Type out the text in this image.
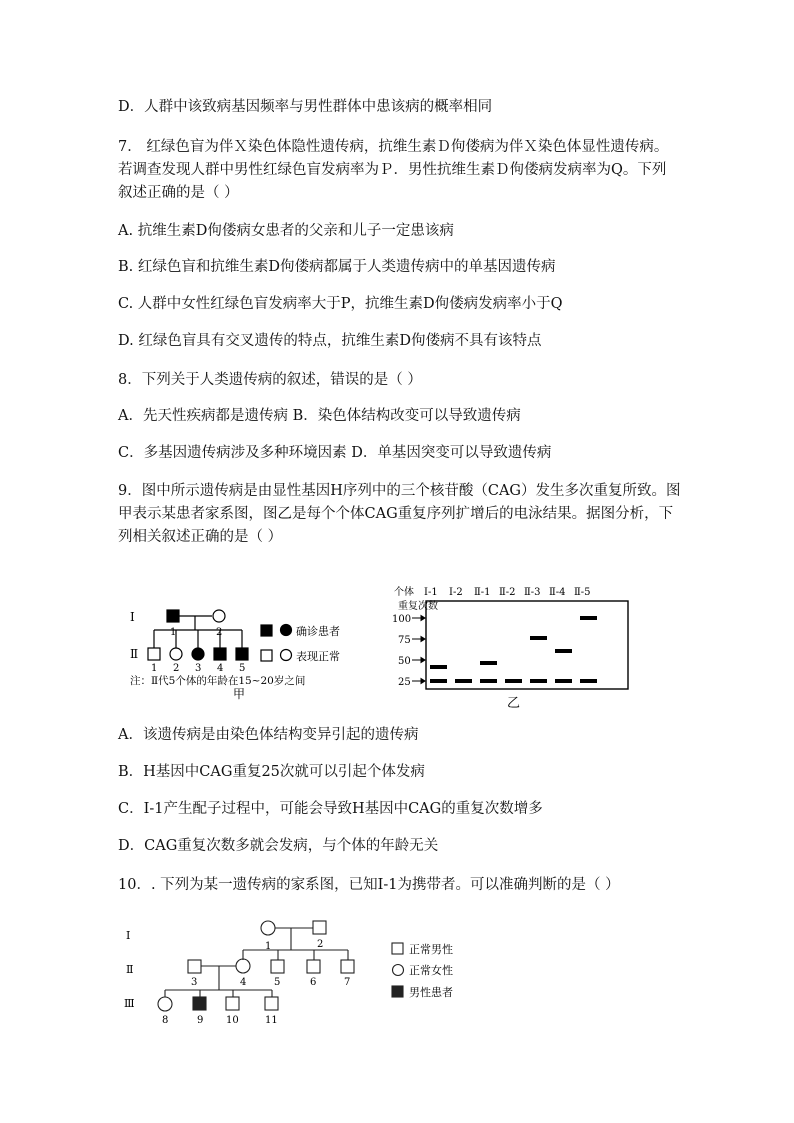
D．人群中该致病基因频率与男性群体中患该病的概率相同
7． 红绿色盲为伴Ｘ染色体隐性遗传病，抗维生素Ｄ佝偻病为伴Ｘ染色体显性遗传病。
若调查发现人群中男性红绿色盲发病率为Ｐ．男性抗维生素Ｄ佝偻病发病率为Q。下列
叙述正确的是（ ）
A. 抗维生素D佝偻病女患者的父亲和儿子一定患该病
B. 红绿色盲和抗维生素D佝偻病都属于人类遗传病中的单基因遗传病
C. 人群中女性红绿色盲发病率大于P，抗维生素D佝偻病发病率小于Q
D. 红绿色盲具有交叉遗传的特点，抗维生素D佝偻病不具有该特点
8．下列关于人类遗传病的叙述，错误的是（ ）
A．先天性疾病都是遗传病 B．染色体结构改变可以导致遗传病
C．多基因遗传病涉及多种环境因素 D．单基因突变可以导致遗传病
9．图中所示遗传病是由显性基因H序列中的三个核苷酸（CAG）发生多次重复所致。图
甲表示某患者家系图，图乙是每个个体CAG重复序列扩增后的电泳结果。据图分析，下
列相关叙述正确的是（ ）
Ⅰ
Ⅱ
1	2
1 2 3 4 5
确诊患者
表现正常
注：Ⅱ代5个体的年龄在15~20岁之间
甲
个体
重复次数
Ⅰ-1 Ⅰ-2 Ⅱ-1 Ⅱ-2 Ⅱ-3 Ⅱ-4 Ⅱ-5
100
75
50
25
乙
A．该遗传病是由染色体结构变异引起的遗传病
B．H基因中CAG重复25次就可以引起个体发病
C．Ⅰ-1产生配子过程中，可能会导致H基因中CAG的重复次数增多
D．CAG重复次数多就会发病，与个体的年龄无关
10．. 下列为某一遗传病的家系图，已知I-1为携带者。可以准确判断的是（ ）
Ⅰ
Ⅱ
Ⅲ
1	2
3	4	5	6	7
8	9 10	11
正常男性
正常女性
男性患者
